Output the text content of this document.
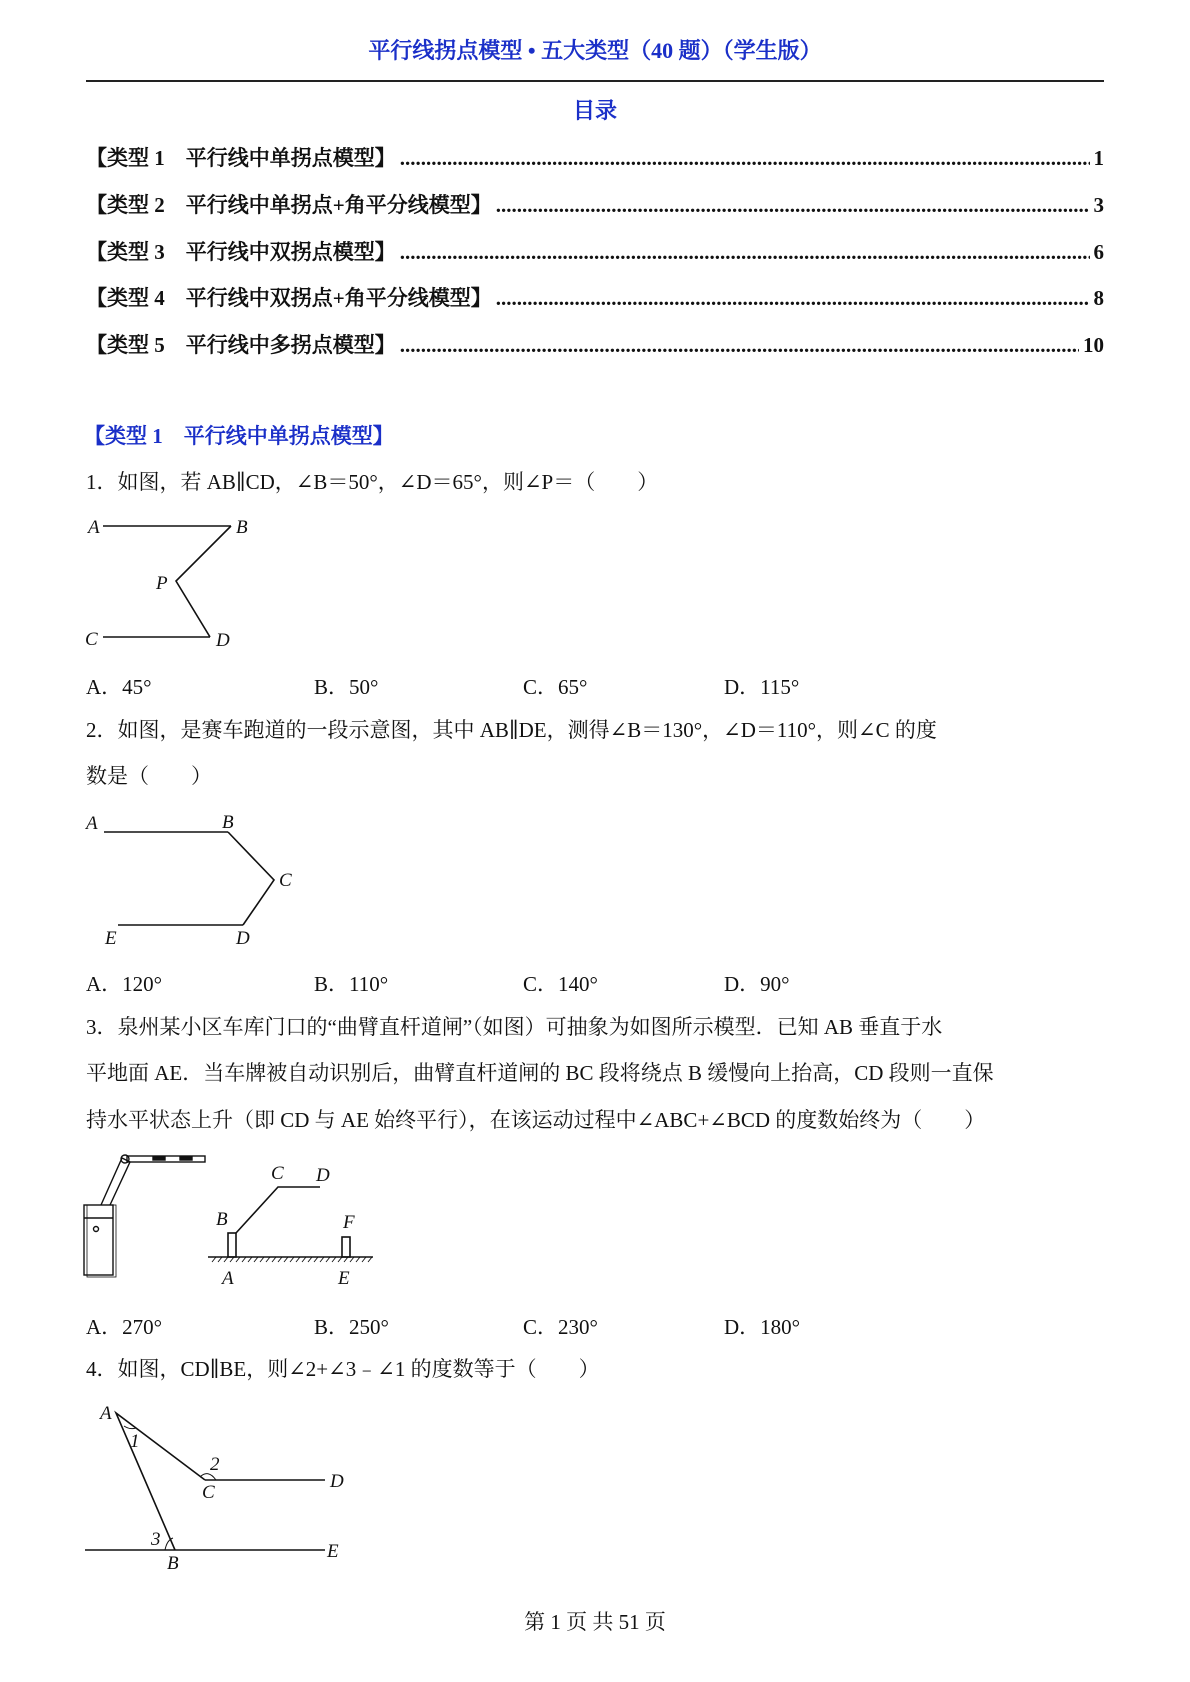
平行线拐点模型 • 五大类型（40 题）（学生版）
目录
【类型 1　平行线中单拐点模型】 .....	1
【类型 2　平行线中单拐点+角平分线模型】 .....	3
【类型 3　平行线中双拐点模型】 .....	6
【类型 4　平行线中双拐点+角平分线模型】 .....	8
【类型 5　平行线中多拐点模型】 .....	10
【类型 1　平行线中单拐点模型】
1．如图，若 AB∥CD，∠B＝50°，∠D＝65°，则∠P＝（　　）
A．45°	B．50°	C．65°	D．115°
2．如图，是赛车跑道的一段示意图，其中 AB∥DE，测得∠B＝130°，∠D＝110°，则∠C 的度
数是（　　）
A．120°	B．110°	C．140°	D．90°
3．泉州某小区车库门口的“曲臂直杆道闸”（如图）可抽象为如图所示模型．已知 AB 垂直于水
平地面 AE．当车牌被自动识别后，曲臂直杆道闸的 BC 段将绕点 B 缓慢向上抬高，CD 段则一直保
持水平状态上升（即 CD 与 AE 始终平行），在该运动过程中∠ABC+∠BCD 的度数始终为（　　）
A．270°	B．250°	C．230°	D．180°
4．如图，CD∥BE，则∠2+∠3﹣∠1 的度数等于（　　）
A	B
P
C	D
A	B
C
E	D
C D
B	F
A	E
A
1
2
C
D
3
B
E
第 1 页 共 51 页
